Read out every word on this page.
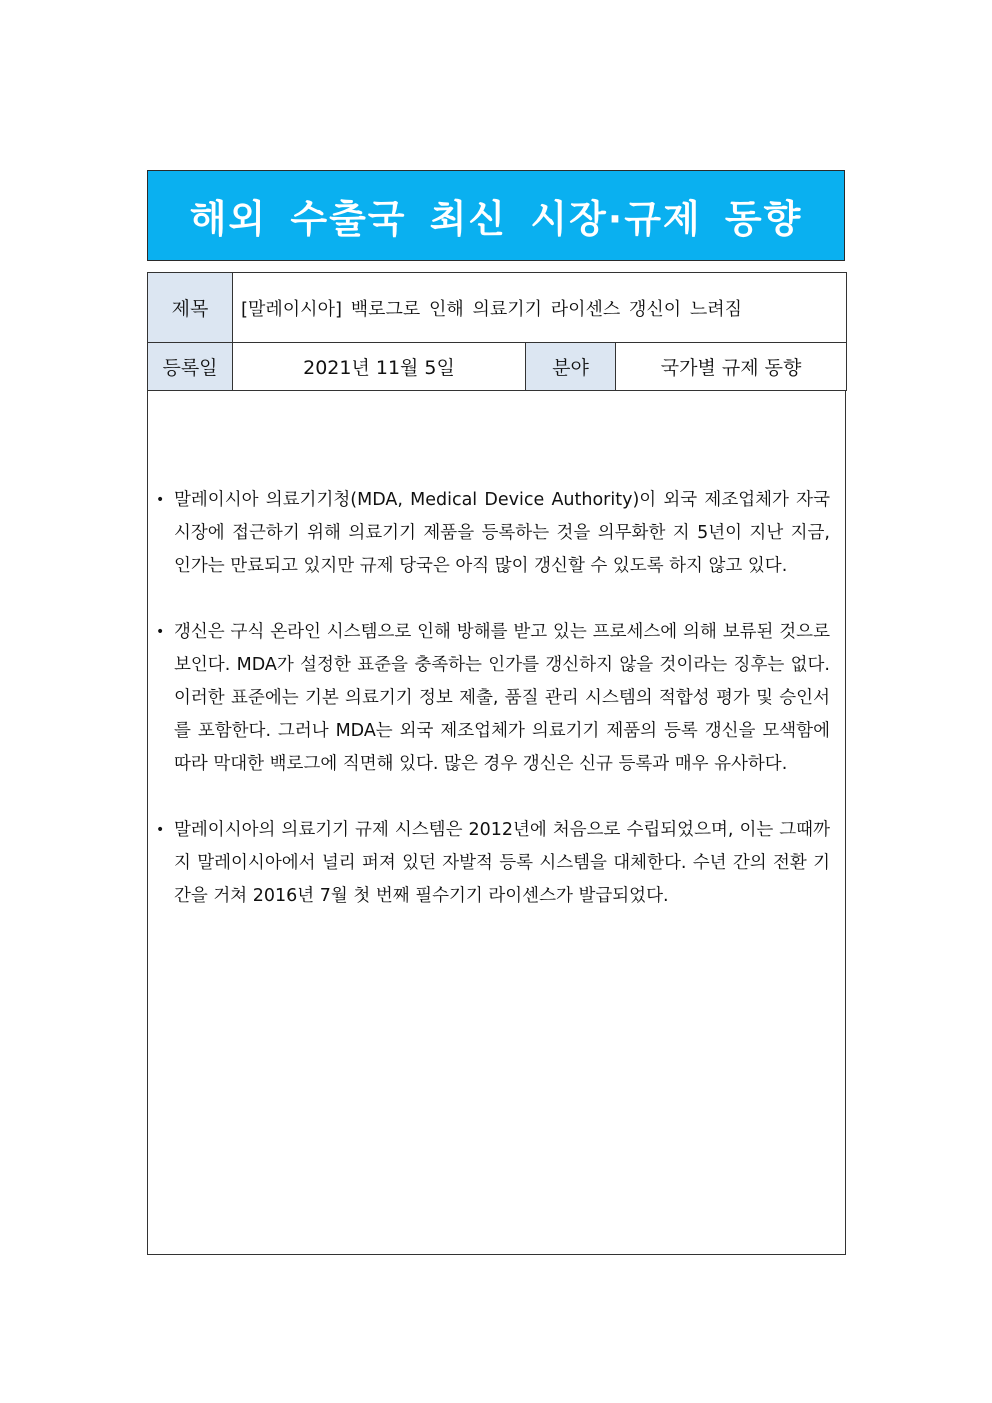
해외 수출국 최신 시장·규제 동향
제목	[말레이시아] 백로그로 인해 의료기기 라이센스 갱신이 느려짐		
등록일	2021년 11월 5일	분야	국가별 규제 동향
• 말레이시아 의료기기청(MDA, Medical Device Authority)이 외국 제조업체가 자국 시장에 접근하기 위해 의료기기 제품을 등록하는 것을 의무화한 지 5년이 지난 지금, 인가는 만료되고 있지만 규제 당국은 아직 많이 갱신할 수 있도록 하지 않고 있다.
• 갱신은 구식 온라인 시스템으로 인해 방해를 받고 있는 프로세스에 의해 보류된 것으로 보인다. MDA가 설정한 표준을 충족하는 인가를 갱신하지 않을 것이라는 징후는 없다. 이러한 표준에는 기본 의료기기 정보 제출, 품질 관리 시스템의 적합성 평가 및 승인서를 포함한다. 그러나 MDA는 외국 제조업체가 의료기기 제품의 등록 갱신을 모색함에 따라 막대한 백로그에 직면해 있다. 많은 경우 갱신은 신규 등록과 매우 유사하다.
• 말레이시아의 의료기기 규제 시스템은 2012년에 처음으로 수립되었으며, 이는 그때까지 말레이시아에서 널리 퍼져 있던 자발적 등록 시스템을 대체한다. 수년 간의 전환 기간을 거쳐 2016년 7월 첫 번째 필수기기 라이센스가 발급되었다.
